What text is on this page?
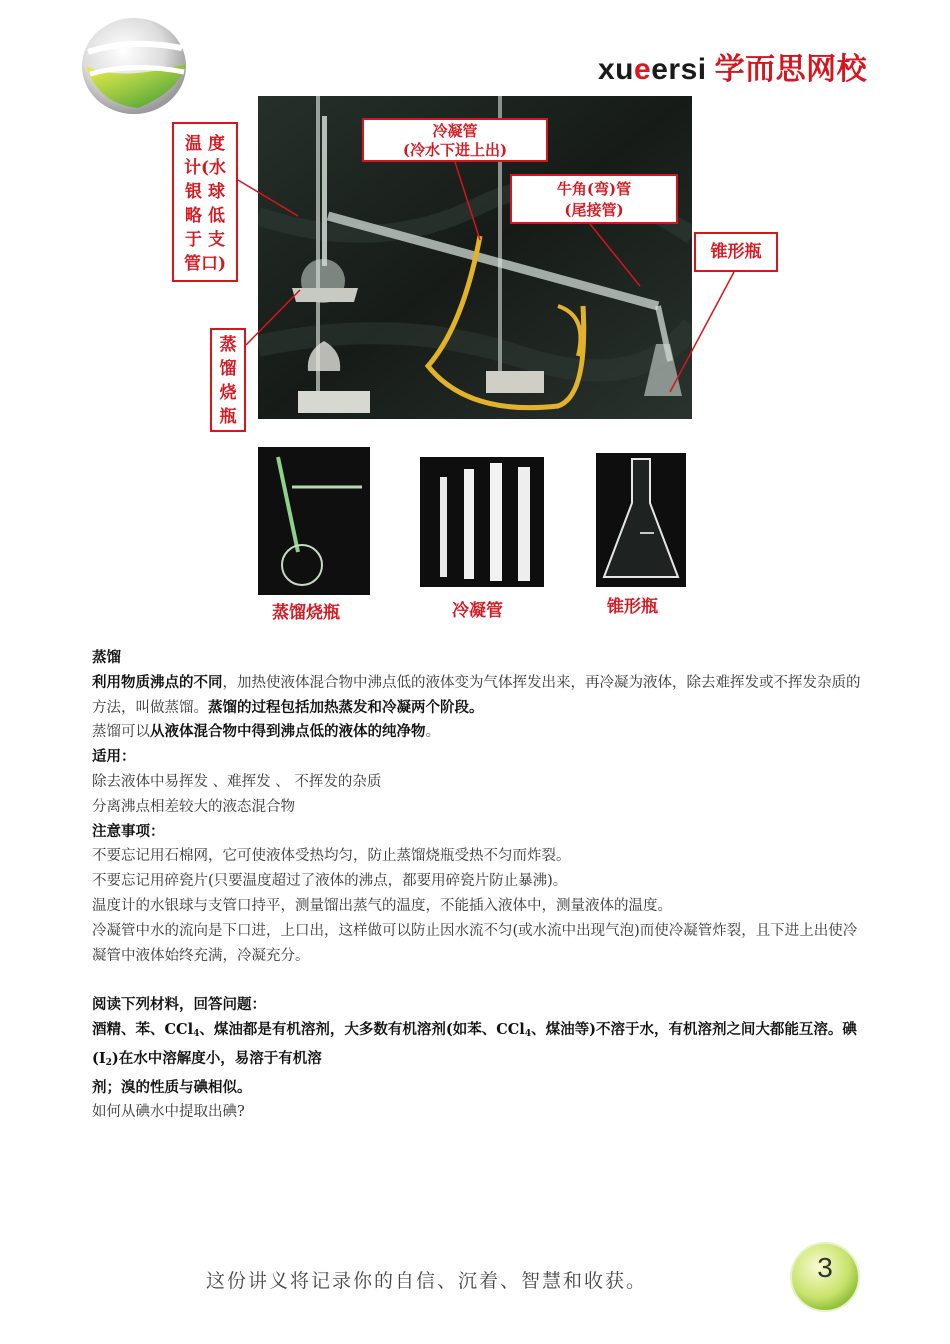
xueersi 学而思网校
温 度
计(水
银 球
略 低
于 支
管口)
冷凝管
(冷水下进上出)
牛角(弯)管
(尾接管)
锥形瓶
蒸
馏
烧
瓶
蒸馏烧瓶	冷凝管	锥形瓶

蒸馏

利用物质沸点的不同，加热使液体混合物中沸点低的液体变为气体挥发出来，再冷凝为液体，除去难挥发或不挥发杂质的方法，叫做蒸馏。蒸馏的过程包括加热蒸发和冷凝两个阶段。

蒸馏可以从液体混合物中得到沸点低的液体的纯净物。

适用：

除去液体中易挥发 、难挥发 、 不挥发的杂质

分离沸点相差较大的液态混合物

注意事项：

不要忘记用石棉网，它可使液体受热均匀，防止蒸馏烧瓶受热不匀而炸裂。

不要忘记用碎瓷片(只要温度超过了液体的沸点，都要用碎瓷片防止暴沸)。

温度计的水银球与支管口持平，测量馏出蒸气的温度，不能插入液体中，测量液体的温度。

冷凝管中水的流向是下口进，上口出，这样做可以防止因水流不匀(或水流中出现气泡)而使冷凝管炸裂，且下进上出使冷凝管中液体始终充满，冷凝充分。

阅读下列材料，回答问题：

酒精、苯、CCl$_4$、煤油都是有机溶剂，大多数有机溶剂(如苯、CCl$_4$、煤油等)不溶于水，有机溶剂之间大都能互溶。碘$(I_2)$在水中溶解度小，易溶于有机溶

剂；溴的性质与碘相似。

如何从碘水中提取出碘?

这份讲义将记录你的自信、沉着、智慧和收获。	3
